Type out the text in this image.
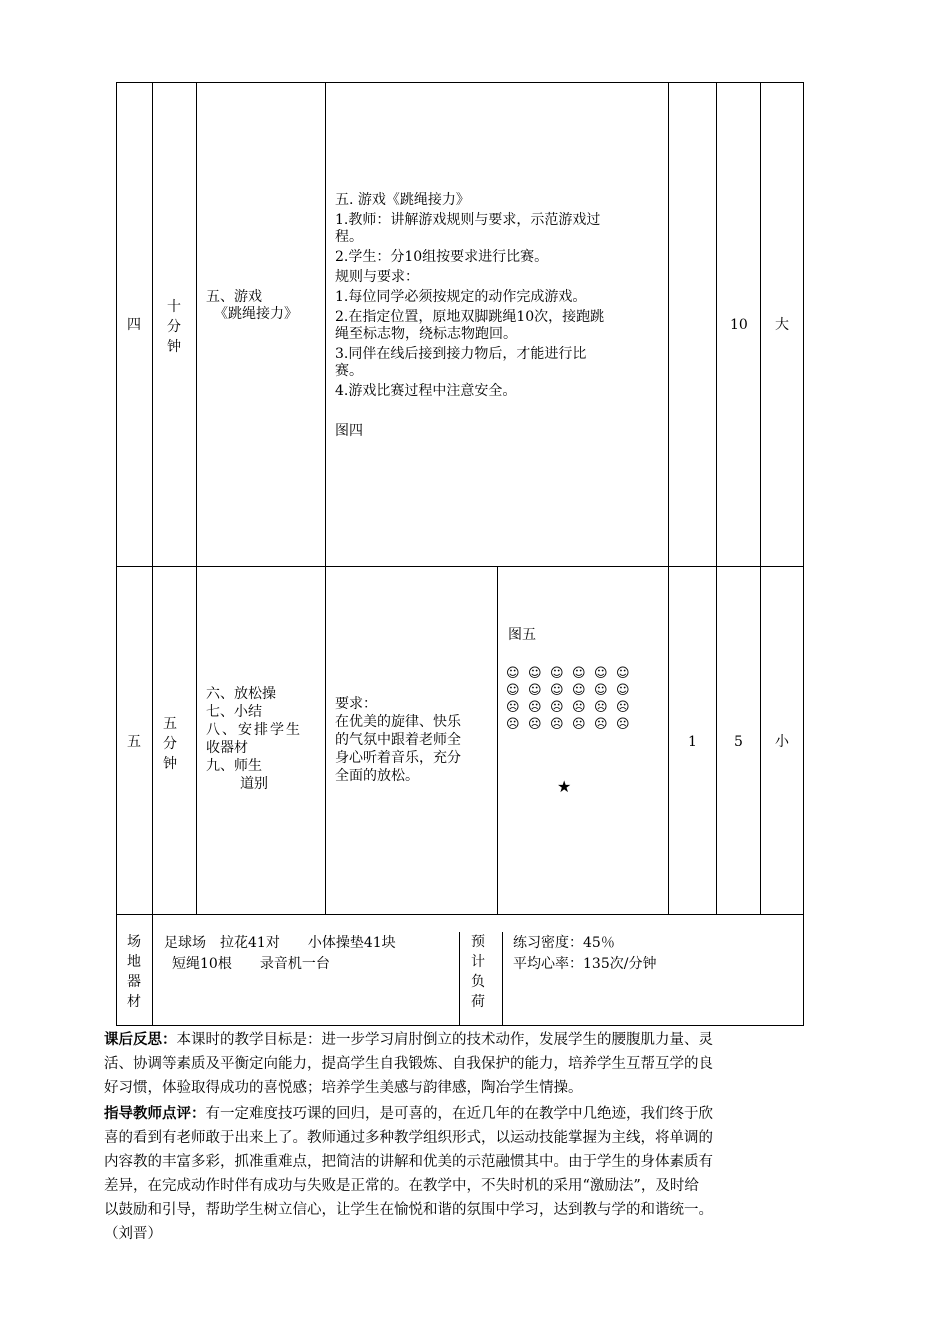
四
十
分
钟
五、游戏
《跳绳接力》
五. 游戏《跳绳接力》
1.教师：讲解游戏规则与要求，示范游戏过
程。
2.学生：分10组按要求进行比赛。
规则与要求：
1.每位同学必须按规定的动作完成游戏。
2.在指定位置，原地双脚跳绳10次，接跑跳
绳至标志物，绕标志物跑回。
3.同伴在线后接到接力物后，才能进行比
赛。
4.游戏比赛过程中注意安全。
图四
10 大
五
五
分
钟
六、放松操
七、小结
八、安排学生
收器材
九、师生
道别
要求：
在优美的旋律、快乐
的气氛中跟着老师全
身心听着音乐，充分
全面的放松。
图五
☺ ☺ ☺ ☺ ☺ ☺
☺ ☺ ☺ ☺ ☺ ☺
☹ ☹ ☹ ☹ ☹ ☹
☹ ☹ ☹ ☹ ☹ ☹
★
1	5 小
场
地
器
材
足球场　拉花41对　　小体操垫41块
短绳10根　　录音机一台
预
计
负
荷
练习密度：45％
平均心率：135次/分钟
课后反思：本课时的教学目标是：进一步学习肩肘倒立的技术动作，发展学生的腰腹肌力量、灵
活、协调等素质及平衡定向能力，提高学生自我锻炼、自我保护的能力，培养学生互帮互学的良
好习惯，体验取得成功的喜悦感；培养学生美感与韵律感，陶冶学生情操。
指导教师点评：有一定难度技巧课的回归，是可喜的，在近几年的在教学中几绝迹，我们终于欣
喜的看到有老师敢于出来上了。教师通过多种教学组织形式，以运动技能掌握为主线，将单调的
内容教的丰富多彩，抓准重难点，把简洁的讲解和优美的示范融惯其中。由于学生的身体素质有
差异，在完成动作时伴有成功与失败是正常的。在教学中，不失时机的采用“激励法”，及时给
以鼓励和引导，帮助学生树立信心，让学生在愉悦和谐的氛围中学习，达到教与学的和谐统一。
（刘晋）
